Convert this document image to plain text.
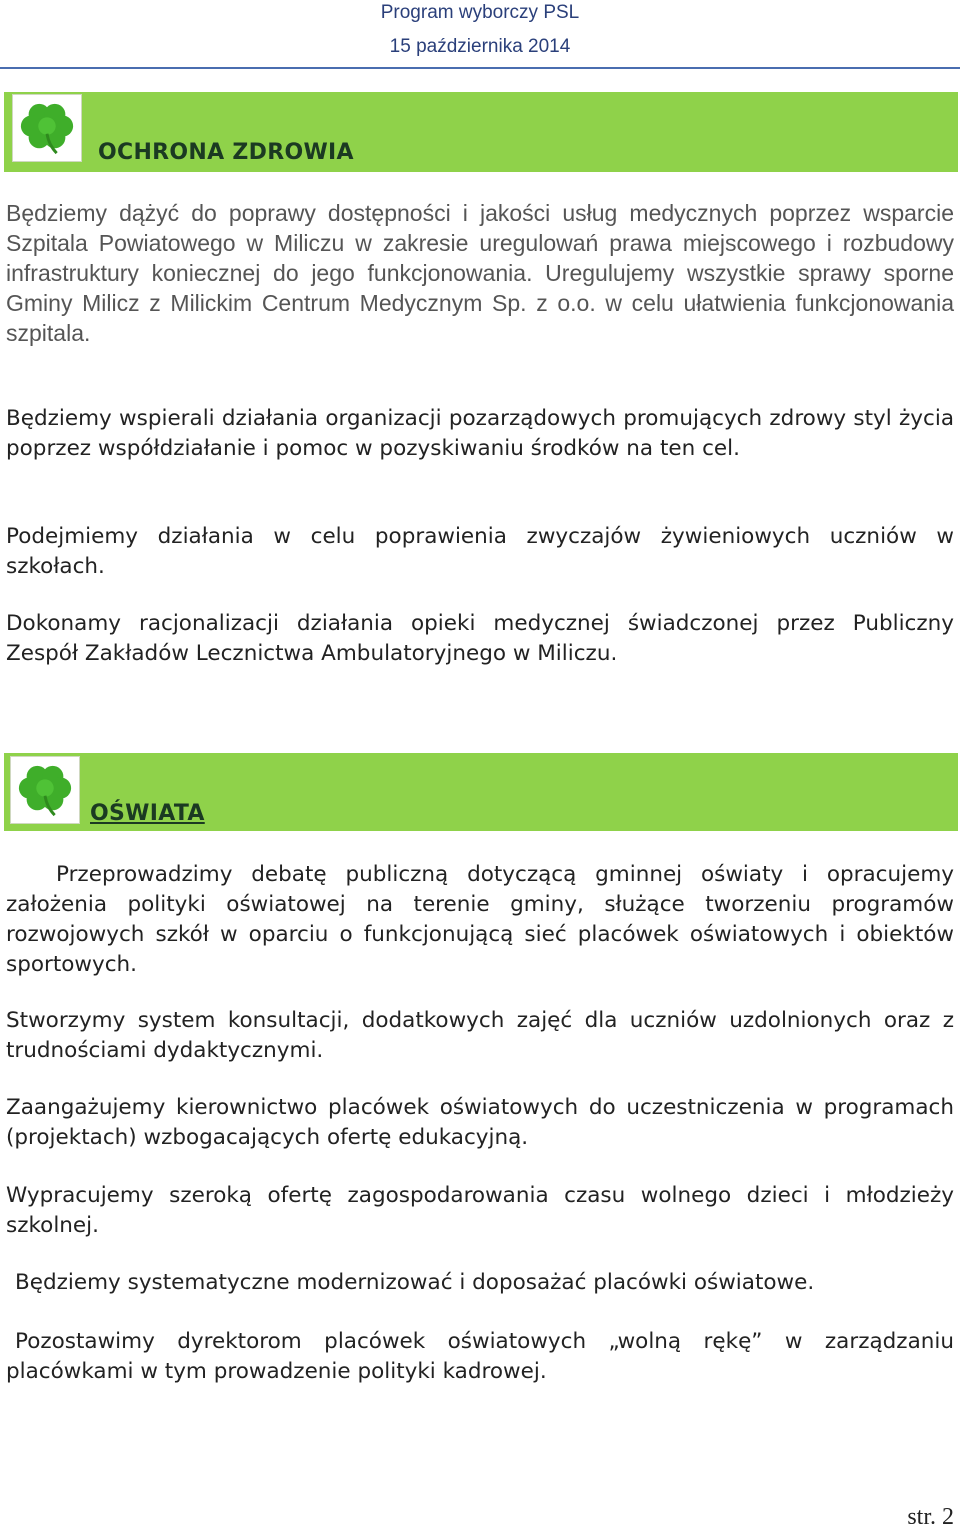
Program wyborczy PSL
15 października 2014
OCHRONA ZDROWIA

Będziemy dążyć do poprawy dostępności i jakości usług medycznych poprzez wsparcie Szpitala Powiatowego w Miliczu w zakresie uregulowań prawa miejscowego i rozbudowy infrastruktury koniecznej do jego funkcjonowania. Uregulujemy wszystkie sprawy sporne Gminy Milicz z Milickim Centrum Medycznym Sp. z o.o. w celu ułatwienia funkcjonowania szpitala.

Będziemy wspierali działania organizacji pozarządowych promujących zdrowy styl życia poprzez współdziałanie i pomoc w pozyskiwaniu środków na ten cel.

Podejmiemy działania w celu poprawienia zwyczajów żywieniowych uczniów w szkołach.

Dokonamy racjonalizacji działania opieki medycznej świadczonej przez Publiczny Zespół Zakładów Lecznictwa Ambulatoryjnego w Miliczu.

OŚWIATA

Przeprowadzimy debatę publiczną dotyczącą gminnej oświaty i opracujemy założenia polityki oświatowej na terenie gminy, służące tworzeniu programów rozwojowych szkół w oparciu o funkcjonującą sieć placówek oświatowych i obiektów sportowych.

Stworzymy system konsultacji, dodatkowych zajęć dla uczniów uzdolnionych oraz z trudnościami dydaktycznymi.

Zaangażujemy kierownictwo placówek oświatowych do uczestniczenia w programach (projektach) wzbogacających ofertę edukacyjną.

Wypracujemy szeroką ofertę zagospodarowania czasu wolnego dzieci i młodzieży szkolnej.

Będziemy systematyczne modernizować i doposażać placówki oświatowe.

Pozostawimy dyrektorom placówek oświatowych „wolną rękę” w zarządzaniu placówkami w tym prowadzenie polityki kadrowej.

str. 2
